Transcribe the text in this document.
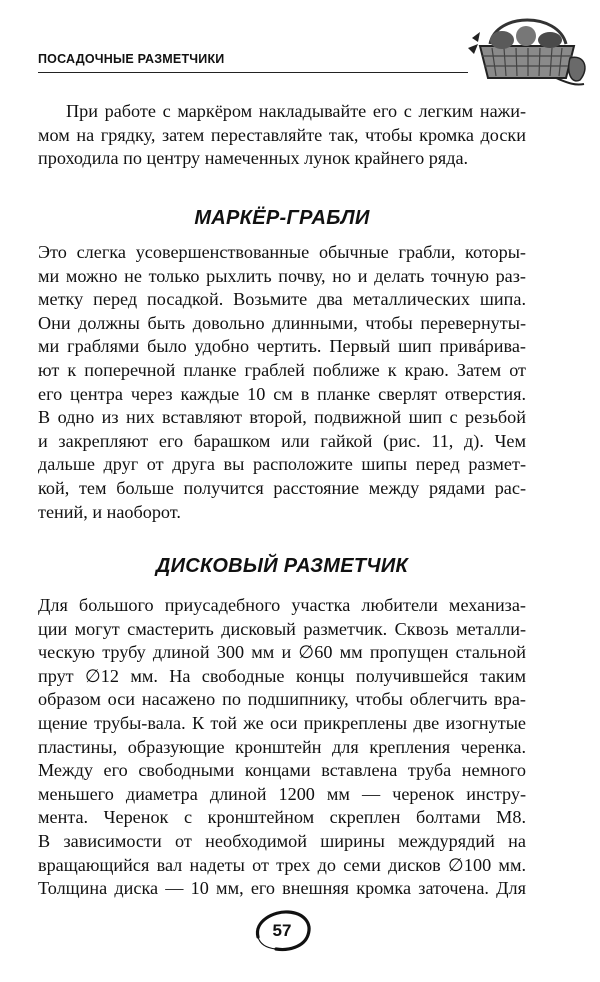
ПОСАДОЧНЫЕ РАЗМЕТЧИКИ
При работе с маркёром накладывайте его с легким нажи-
мом на грядку, затем переставляйте так, чтобы кромка доски
проходила по центру намеченных лунок крайнего ряда.
МАРКЁР-ГРАБЛИ
Это слегка усовершенствованные обычные грабли, которы-
ми можно не только рыхлить почву, но и делать точную раз-
метку перед посадкой. Возьмите два металлических шипа.
Они должны быть довольно длинными, чтобы перевернуты-
ми граблями было удобно чертить. Первый шип привáрива-
ют к поперечной планке граблей поближе к краю. Затем от
его центра через каждые 10 см в планке сверлят отверстия.
В одно из них вставляют второй, подвижной шип с резьбой
и закрепляют его барашком или гайкой (рис. 11, д). Чем
дальше друг от друга вы расположите шипы перед размет-
кой, тем больше получится расстояние между рядами рас-
тений, и наоборот.
ДИСКОВЫЙ РАЗМЕТЧИК
Для большого приусадебного участка любители механиза-
ции могут смастерить дисковый разметчик. Сквозь металли-
ческую трубу длиной 300 мм и ∅60 мм пропущен стальной
прут ∅12 мм. На свободные концы получившейся таким
образом оси насажено по подшипнику, чтобы облегчить вра-
щение трубы-вала. К той же оси прикреплены две изогнутые
пластины, образующие кронштейн для крепления черенка.
Между его свободными концами вставлена труба немного
меньшего диаметра длиной 1200 мм — черенок инстру-
мента. Черенок с кронштейном скреплен болтами М8.
В зависимости от необходимой ширины междурядий на
вращающийся вал надеты от трех до семи дисков ∅100 мм.
Толщина диска — 10 мм, его внешняя кромка заточена. Для
57
